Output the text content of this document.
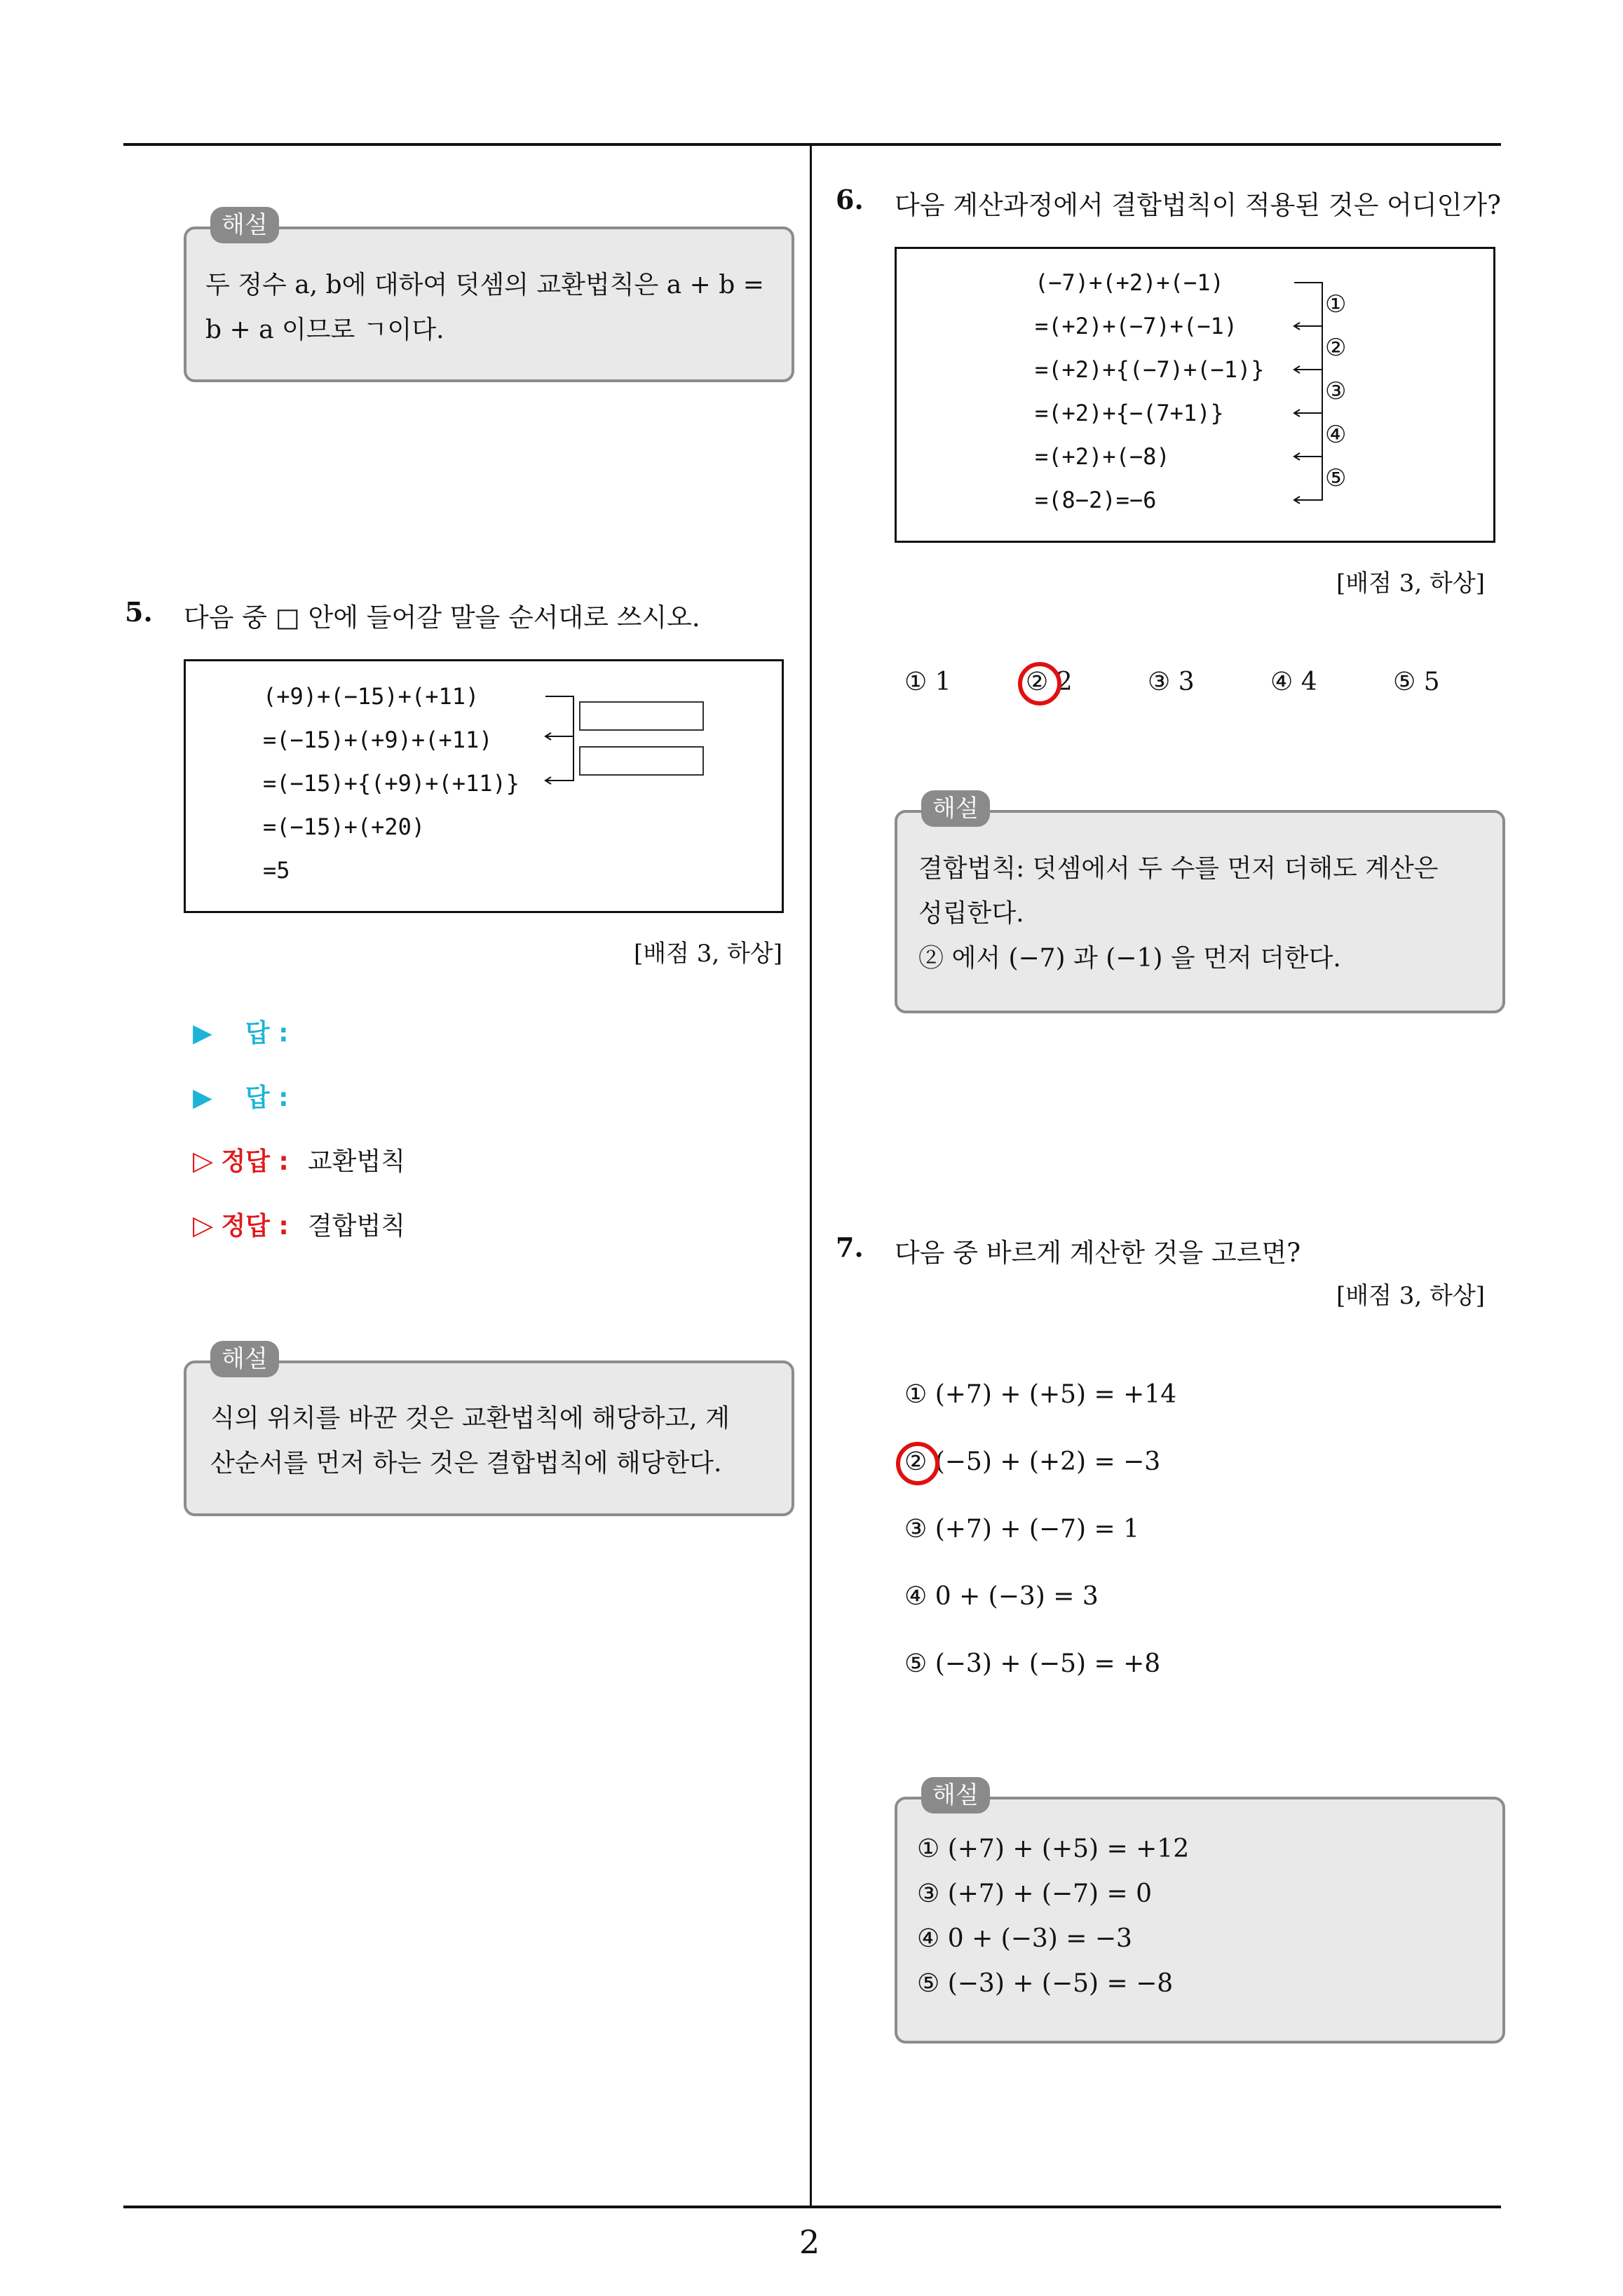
해설
두 정수 a, b에 대하여 덧셈의 교환법칙은 a + b =
b + a 이므로 ㄱ이다.
5. 다음 중 □ 안에 들어갈 말을 순서대로 쓰시오.
(+9)+(−15)+(+11)
=(−15)+(+9)+(+11)
=(−15)+{(+9)+(+11)}
=(−15)+(+20)
=5
[배점 3, 하상]
▶ 답 :
▶ 답 :
▷ 정답 : 교환법칙
▷ 정답 : 결합법칙
해설
식의 위치를 바꾼 것은 교환법칙에 해당하고, 계
산순서를 먼저 하는 것은 결합법칙에 해당한다.
6. 다음 계산과정에서 결합법칙이 적용된 것은 어디인가?
(−7)+(+2)+(−1)
=(+2)+(−7)+(−1)
=(+2)+{(−7)+(−1)}
=(+2)+{−(7+1)}
=(+2)+(−8)
=(8−2)=−6
①
②
③
④
⑤
[배점 3, 하상]
① 1	② 2	③ 3	④ 4	⑤ 5
해설
결합법칙: 덧셈에서 두 수를 먼저 더해도 계산은
성립한다.
② 에서 (−7) 과 (−1) 을 먼저 더한다.
7. 다음 중 바르게 계산한 것을 고르면?
[배점 3, 하상]
① (+7) + (+5) = +14
② (−5) + (+2) = −3
③ (+7) + (−7) = 1
④ 0 + (−3) = 3
⑤ (−3) + (−5) = +8
해설
① (+7) + (+5) = +12
③ (+7) + (−7) = 0
④ 0 + (−3) = −3
⑤ (−3) + (−5) = −8
2
